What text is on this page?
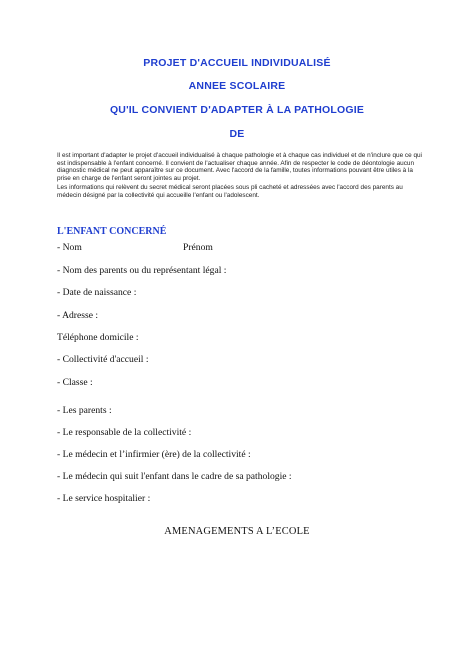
PROJET D'ACCUEIL INDIVIDUALISÉ
ANNEE SCOLAIRE
QU'IL CONVIENT D'ADAPTER À LA PATHOLOGIE
DE
Il est important d'adapter le projet d'accueil individualisé à chaque pathologie et à chaque cas individuel et de n'inclure que ce qui est indispensable à l'enfant concerné. Il convient de l'actualiser chaque année. Afin de respecter le code de déontologie aucun diagnostic médical ne peut apparaître sur ce document. Avec l'accord de la famille, toutes informations pouvant être utiles à la prise en charge de l'enfant seront jointes au projet.
Les informations qui relèvent du secret médical seront placées sous pli cacheté et adressées avec l'accord des parents au médecin désigné par la collectivité qui accueille l'enfant ou l'adolescent.
L'ENFANT CONCERNÉ
- Nom	Prénom
- Nom des parents ou du représentant légal :
- Date de naissance :
- Adresse :
Téléphone domicile :
- Collectivité d'accueil :
- Classe :
- Les parents :
- Le responsable de la collectivité :
- Le médecin et l’infirmier (ère) de la collectivité :
- Le médecin qui suit l'enfant dans le cadre de sa pathologie :
- Le service hospitalier :
AMENAGEMENTS A L’ECOLE
